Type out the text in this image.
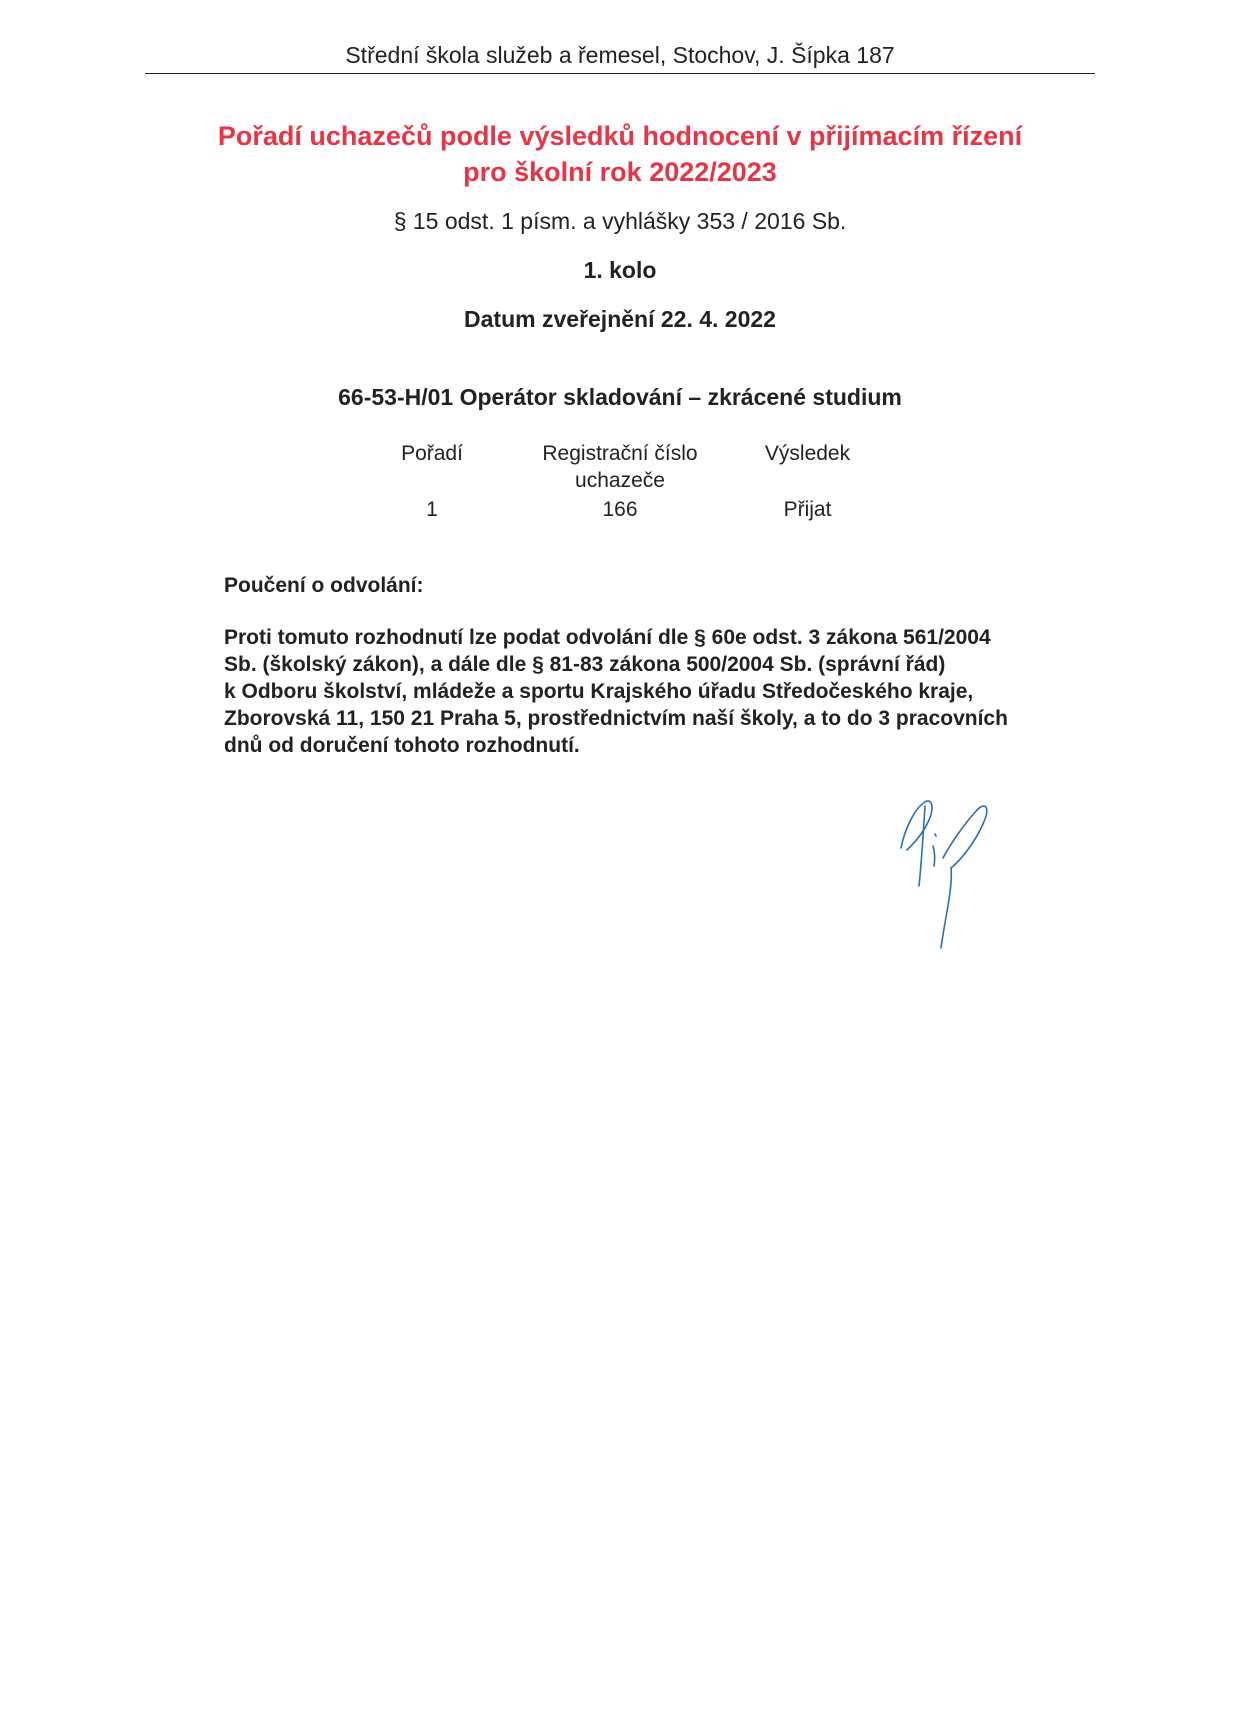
Střední škola služeb a řemesel, Stochov, J. Šípka 187
Pořadí uchazečů podle výsledků hodnocení v přijímacím řízení
pro školní rok 2022/2023
§ 15 odst. 1 písm. a vyhlášky 353 / 2016 Sb.
1. kolo
Datum zveřejnění 22. 4. 2022
66-53-H/01 Operátor skladování – zkrácené studium
Pořadí
1
Registrační číslo
uchazeče
166
Výsledek
Přijat
Poučení o odvolání:
Proti tomuto rozhodnutí lze podat odvolání dle § 60e odst. 3 zákona 561/2004
Sb. (školský zákon), a dále dle § 81-83 zákona 500/2004 Sb. (správní řád)
k Odboru školství, mládeže a sportu Krajského úřadu Středočeského kraje,
Zborovská 11, 150 21 Praha 5, prostřednictvím naší školy, a to do 3 pracovních
dnů od doručení tohoto rozhodnutí.
